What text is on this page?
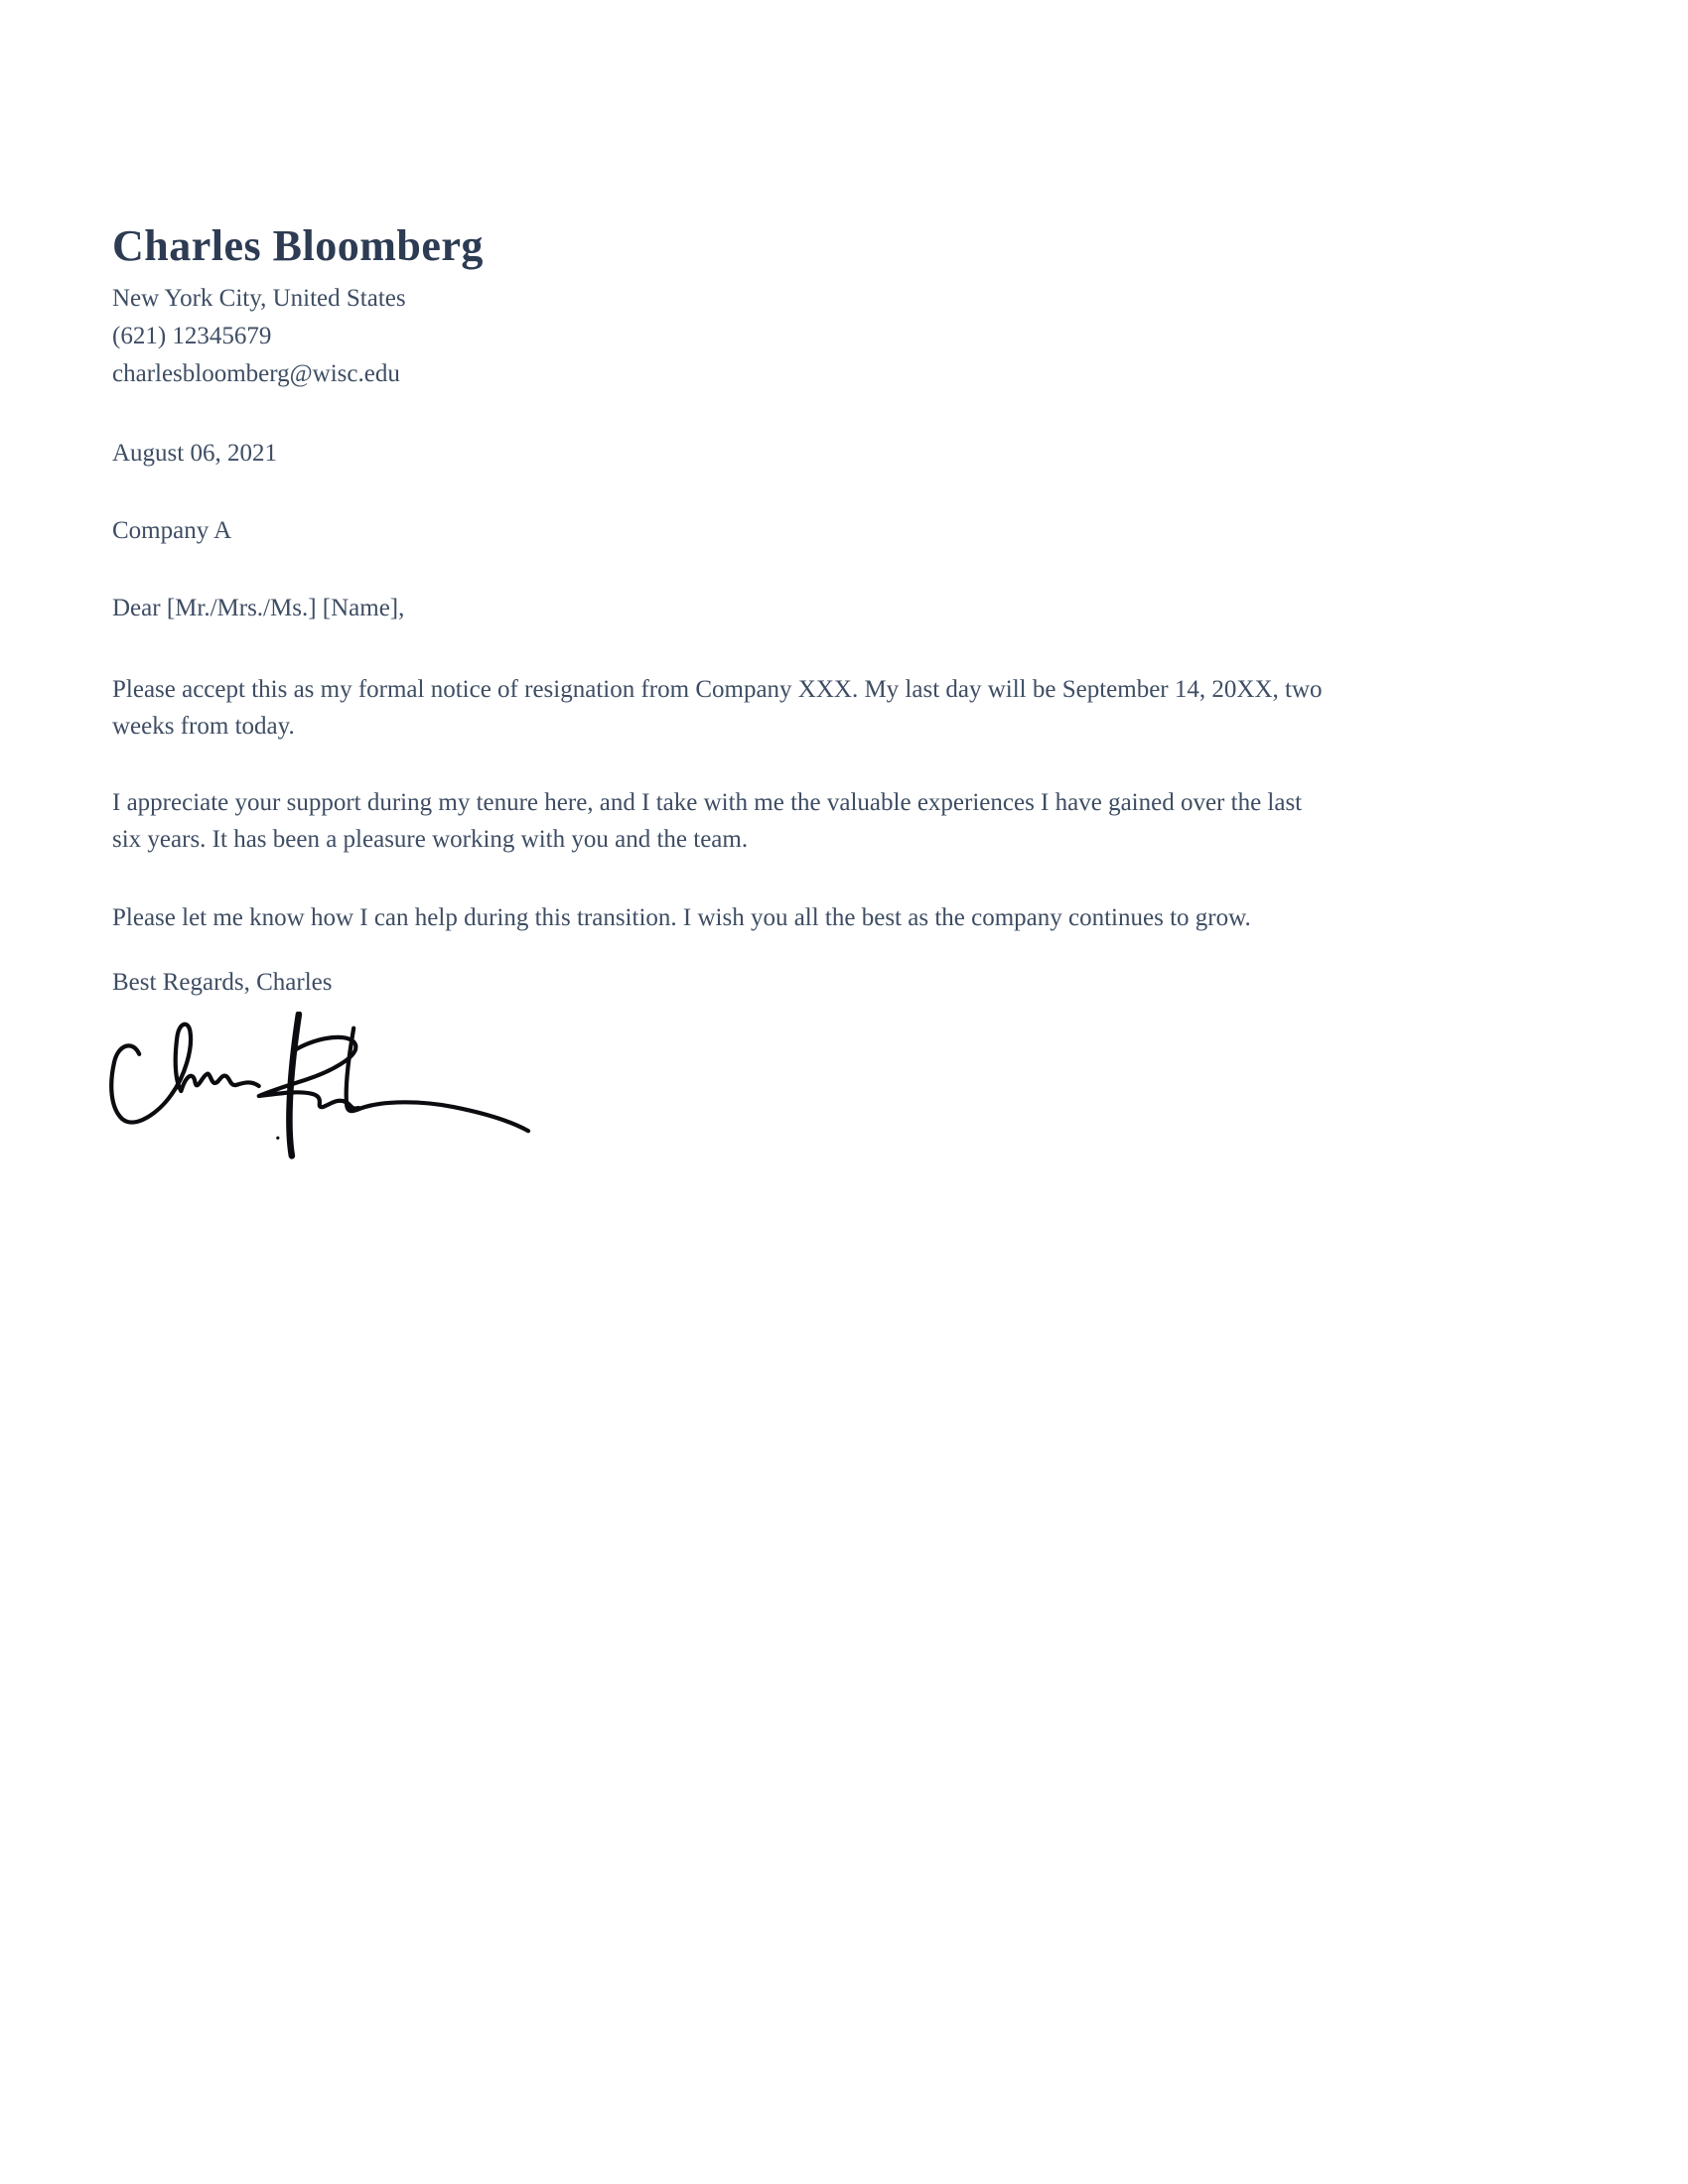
Charles Bloomberg

New York City, United States

(621) 12345679

charlesbloomberg@wisc.edu

August 06, 2021

Company A

Dear [Mr./Mrs./Ms.] [Name],

Please accept this as my formal notice of resignation from Company XXX. My last day will be September 14, 20XX, two

weeks from today.

I appreciate your support during my tenure here, and I take with me the valuable experiences I have gained over the last

six years. It has been a pleasure working with you and the team.

Please let me know how I can help during this transition. I wish you all the best as the company continues to grow.

Best Regards, Charles
